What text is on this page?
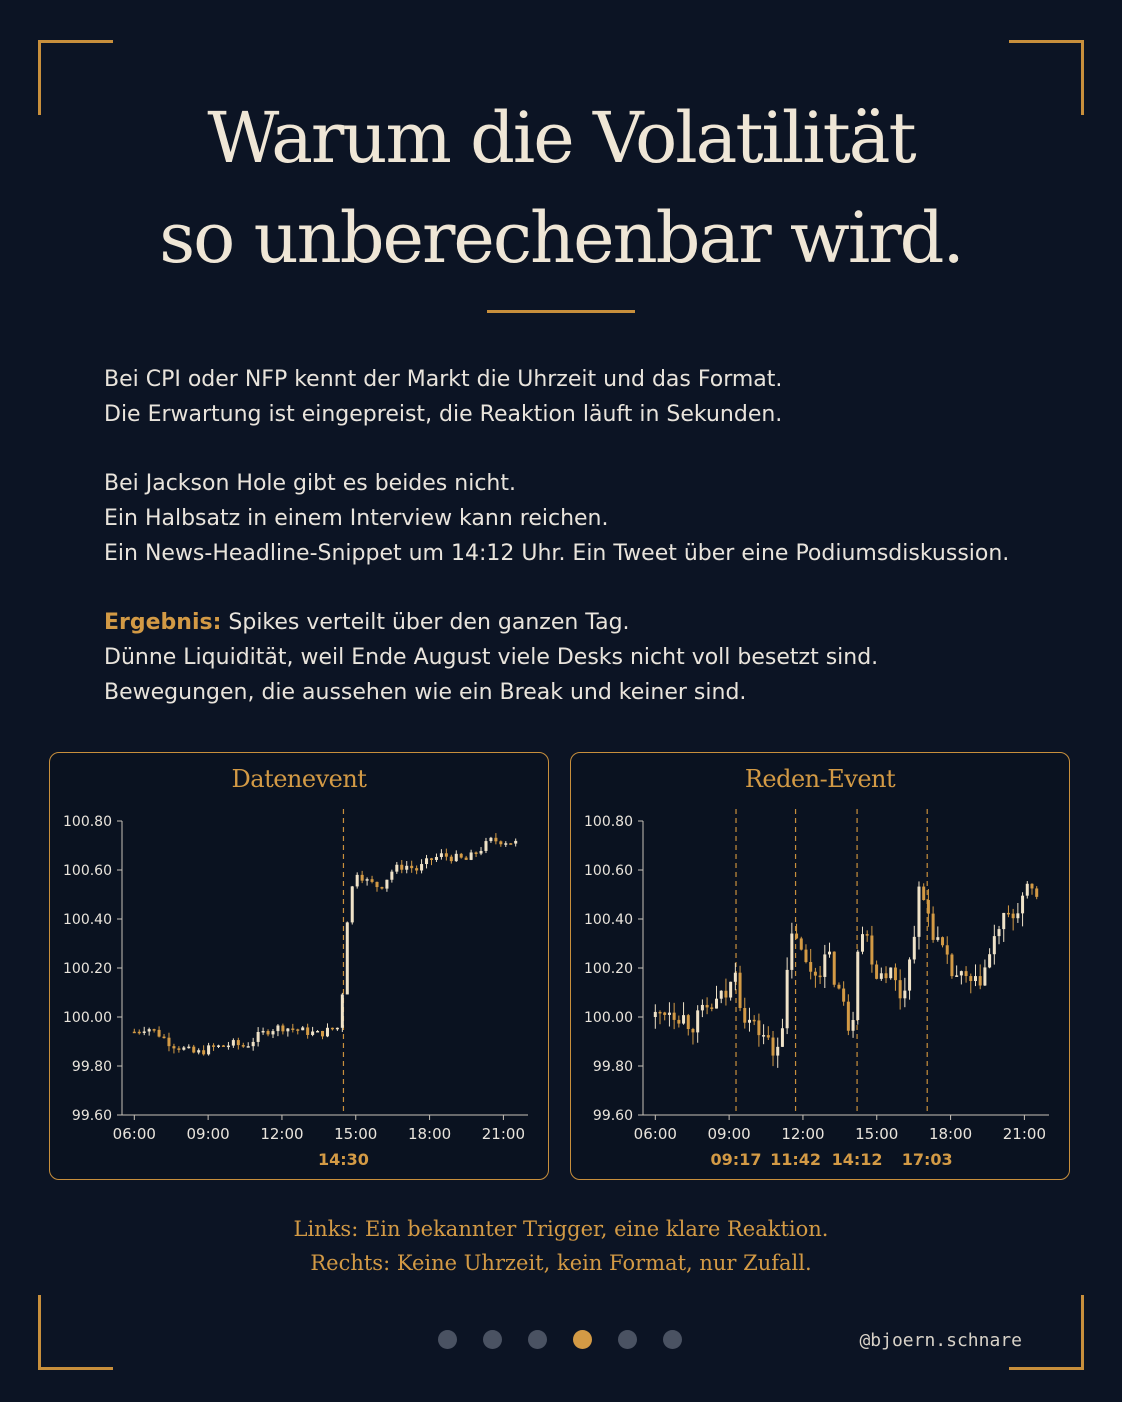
Warum die Volatilität
so unberechenbar wird.

Bei CPI oder NFP kennt der Markt die Uhrzeit und das Format.
Die Erwartung ist eingepreist, die Reaktion läuft in Sekunden.

Bei Jackson Hole gibt es beides nicht.
Ein Halbsatz in einem Interview kann reichen.
Ein News-Headline-Snippet um 14:12 Uhr. Ein Tweet über eine Podiumsdiskussion.

Ergebnis: Spikes verteilt über den ganzen Tag.
Dünne Liquidität, weil Ende August viele Desks nicht voll besetzt sind.
Bewegungen, die aussehen wie ein Break und keiner sind.

Datenevent
100.80
100.60
100.40
100.20
100.00
99.80
99.60
06:00 09:00 12:00 15:00 18:00 21:00
14:30
Reden-Event
100.80
100.60
100.40
100.20
100.00
99.80
99.60
06:00 09:00 12:00 15:00 18:00 21:00
09:17 11:42 14:12 17:03
Links: Ein bekannter Trigger, eine klare Reaktion.
Rechts: Keine Uhrzeit, kein Format, nur Zufall.
@bjoern.schnare
